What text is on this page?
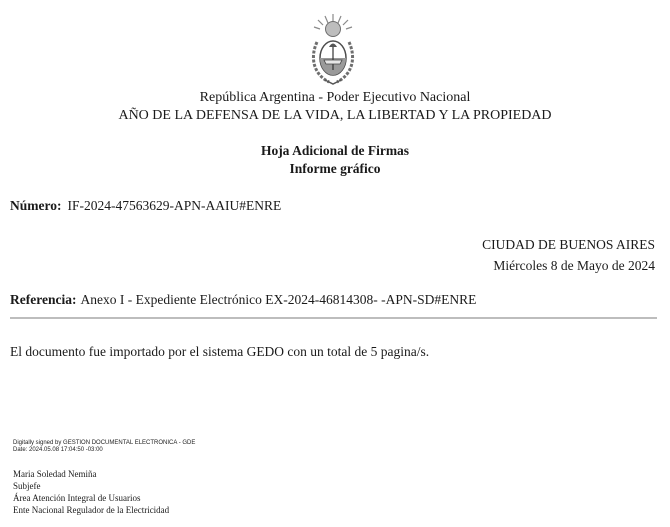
República Argentina - Poder Ejecutivo Nacional
AÑO DE LA DEFENSA DE LA VIDA, LA LIBERTAD Y LA PROPIEDAD
Hoja Adicional de Firmas
Informe gráfico
Número: IF-2024-47563629-APN-AAIU#ENRE
CIUDAD DE BUENOS AIRES
Miércoles 8 de Mayo de 2024
Referencia: Anexo I - Expediente Electrónico EX-2024-46814308- -APN-SD#ENRE
El documento fue importado por el sistema GEDO con un total de 5 pagina/s.
Digitally signed by GESTION DOCUMENTAL ELECTRONICA - GDE
Date: 2024.05.08 17:04:50 -03:00
Maria Soledad Nemiña
Subjefe
Área Atención Integral de Usuarios
Ente Nacional Regulador de la Electricidad
